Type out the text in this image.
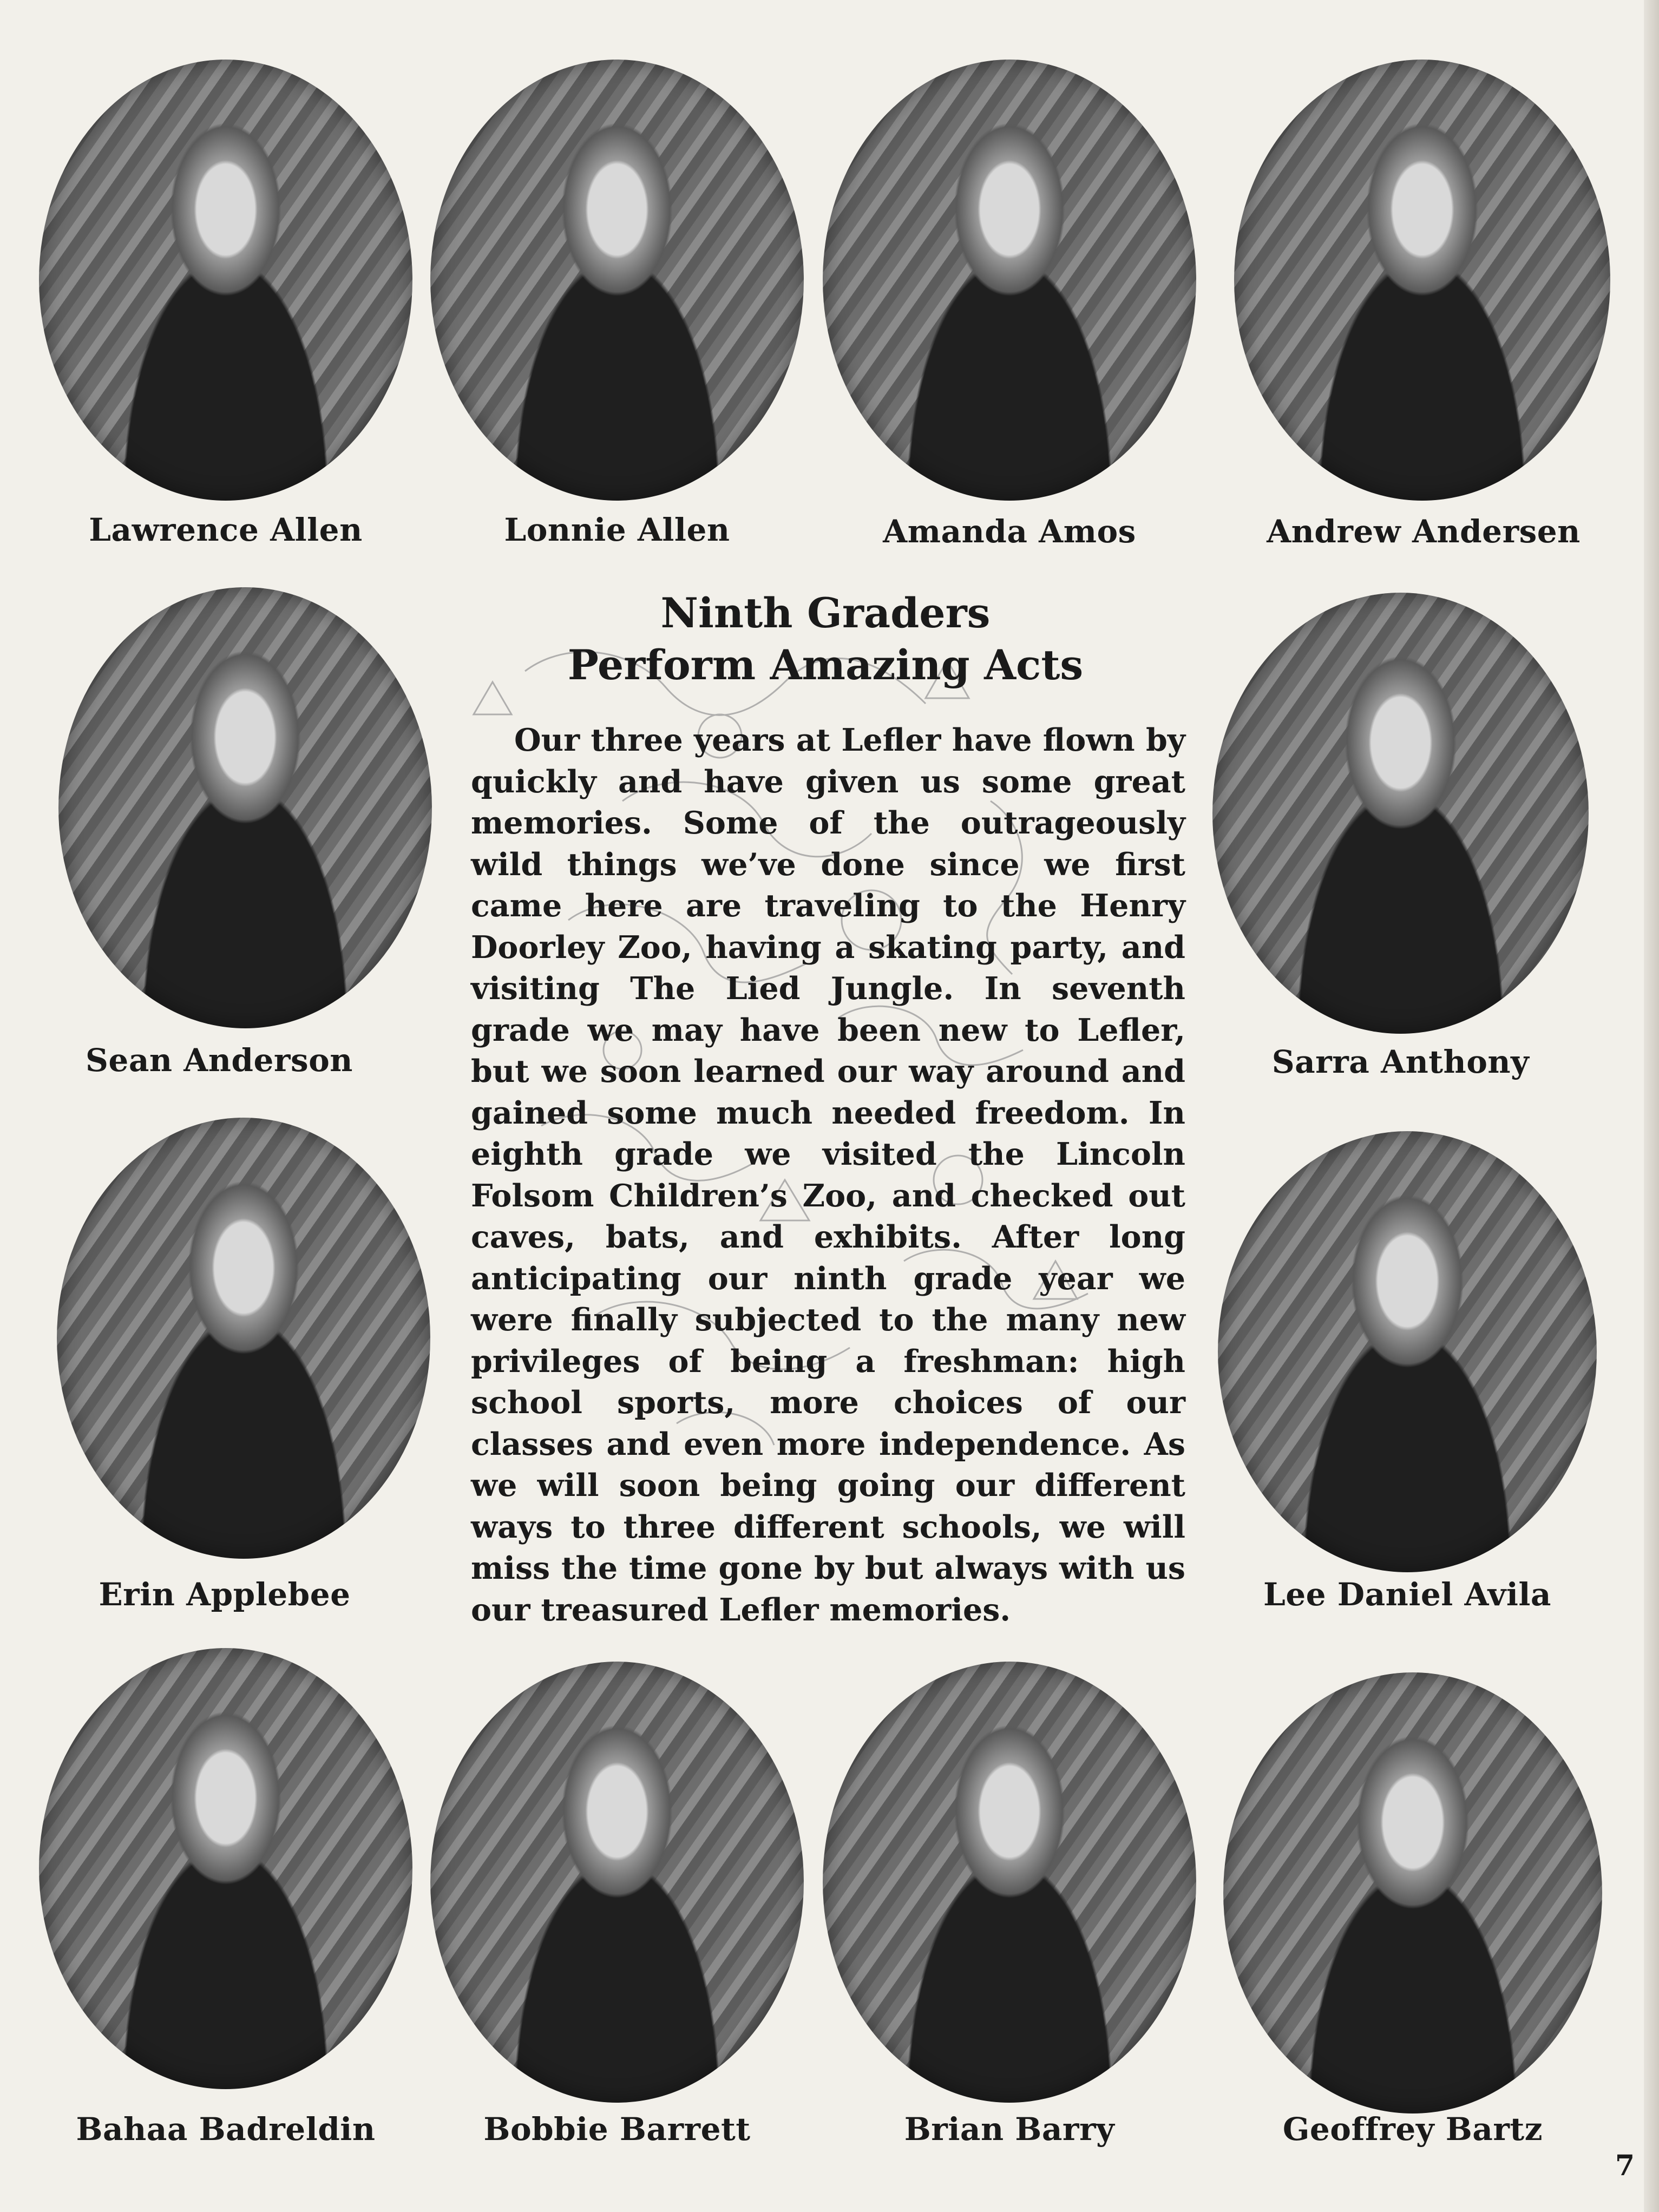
Lawrence Allen	Lonnie Allen	Amanda Amos	Andrew Andersen
Sean Anderson	Sarra Anthony
Erin Applebee	Lee Daniel Avila
Bahaa Badreldin	Bobbie Barrett	Brian Barry	Geoffrey Bartz
Ninth Graders
Perform Amazing Acts
Our three years at Lefler have flown by quickly and have given us some great memories. Some of the outrageously wild things we’ve done since we first came here are traveling to the Henry Doorley Zoo, having a skating party, and visiting The Lied Jungle. In seventh grade we may have been new to Lefler, but we soon learned our way around and gained some much needed freedom. In eighth grade we visited the Lincoln Folsom Children’s Zoo, and checked out caves, bats, and exhibits. After long anticipating our ninth grade year we were finally subjected to the many new privileges of being a freshman: high school sports, more choices of our classes and even more independence. As we will soon being going our different ways to three different schools, we will miss the time gone by but always with us our treasured Lefler memories.
7
